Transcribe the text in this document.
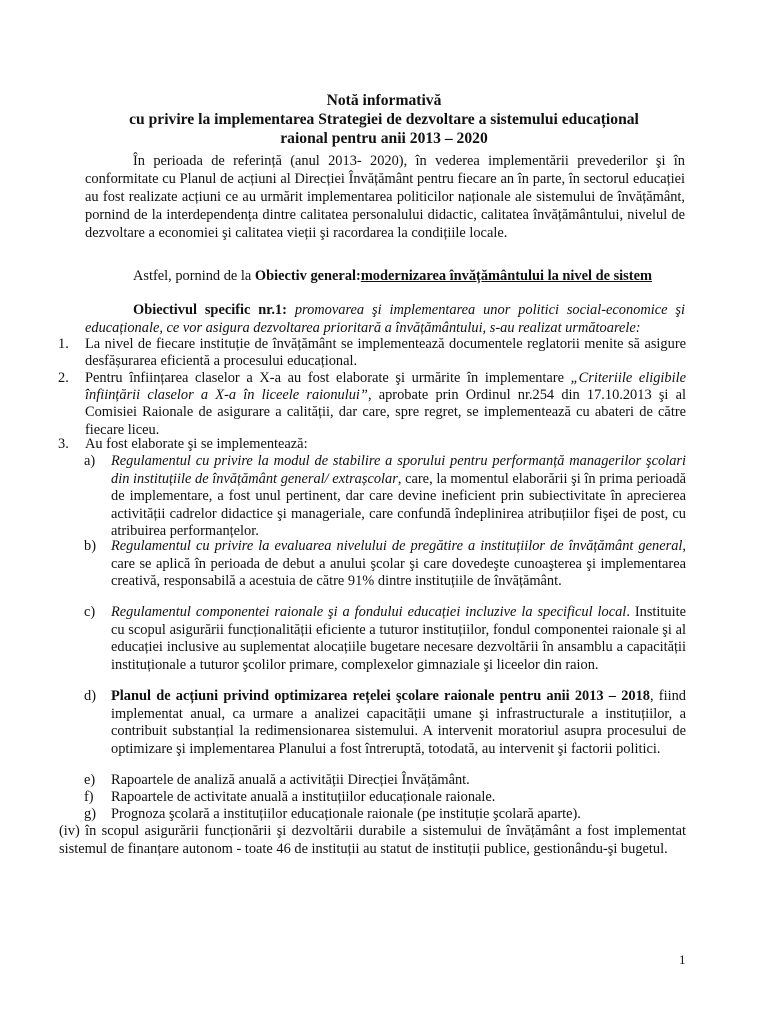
Notă informativă
cu privire la implementarea Strategiei de dezvoltare a sistemului educațional
raional pentru anii 2013 – 2020
În perioada de referință (anul 2013- 2020), în vederea implementării prevederilor şi în conformitate cu Planul de acțiuni al Direcției Învățământ pentru fiecare an în parte, în sectorul educației au fost realizate acțiuni ce au urmărit implementarea politicilor naționale ale sistemului de învățământ, pornind de la interdependența dintre calitatea personalului didactic, calitatea învățământului, nivelul de dezvoltare a economiei şi calitatea vieții şi racordarea la condițiile locale.
Astfel, pornind de la Obiectiv general:modernizarea învățământului la nivel de sistem
Obiectivul specific nr.1: promovarea şi implementarea unor politici social-economice şi educaționale, ce vor asigura dezvoltarea prioritară a învățământului, s-au realizat următoarele:
1. La nivel de fiecare instituție de învățământ se implementează documentele reglatorii menite să asigure desfășurarea eficientă a procesului educațional.
2. Pentru înființarea claselor a X-a au fost elaborate şi urmărite în implementare „Criteriile eligibile înființării claselor a X-a în liceele raionului”, aprobate prin Ordinul nr.254 din 17.10.2013 şi al Comisiei Raionale de asigurare a calității, dar care, spre regret, se implementează cu abateri de către fiecare liceu.
3. Au fost elaborate şi se implementează:
a) Regulamentul cu privire la modul de stabilire a sporului pentru performanță managerilor şcolari din instituțiile de învățământ general/ extrașcolar, care, la momentul elaborării şi în prima perioadă de implementare, a fost unul pertinent, dar care devine ineficient prin subiectivitate în aprecierea activității cadrelor didactice şi manageriale, care confundă îndeplinirea atribuțiilor fişei de post, cu atribuirea performanțelor.
b) Regulamentul cu privire la evaluarea nivelului de pregătire a instituțiilor de învățământ general, care se aplică în perioada de debut a anului şcolar şi care dovedeşte cunoaşterea şi implementarea creativă, responsabilă a acestuia de către 91% dintre instituțiile de învățământ.
c) Regulamentul componentei raionale şi a fondului educației incluzive la specificul local. Instituite cu scopul asigurării funcționalității eficiente a tuturor instituțiilor, fondul componentei raionale şi al educației inclusive au suplementat alocațiile bugetare necesare dezvoltării în ansamblu a capacității instituționale a tuturor şcolilor primare, complexelor gimnaziale şi liceelor din raion.
d) Planul de acțiuni privind optimizarea rețelei şcolare raionale pentru anii 2013 – 2018, fiind implementat anual, ca urmare a analizei capacității umane şi infrastructurale a instituțiilor, a contribuit substanțial la redimensionarea sistemului. A intervenit moratoriul asupra procesului de optimizare şi implementarea Planului a fost întreruptă, totodată, au intervenit şi factorii politici.
e) Rapoartele de analiză anuală a activității Direcției Învățământ.
f) Rapoartele de activitate anuală a instituțiilor educaționale raionale.
g) Prognoza şcolară a instituțiilor educaționale raionale (pe instituție şcolară aparte).
(iv) în scopul asigurării funcționării şi dezvoltării durabile a sistemului de învățământ a fost implementat sistemul de finanțare autonom - toate 46 de instituții au statut de instituții publice, gestionându-şi bugetul.
1
